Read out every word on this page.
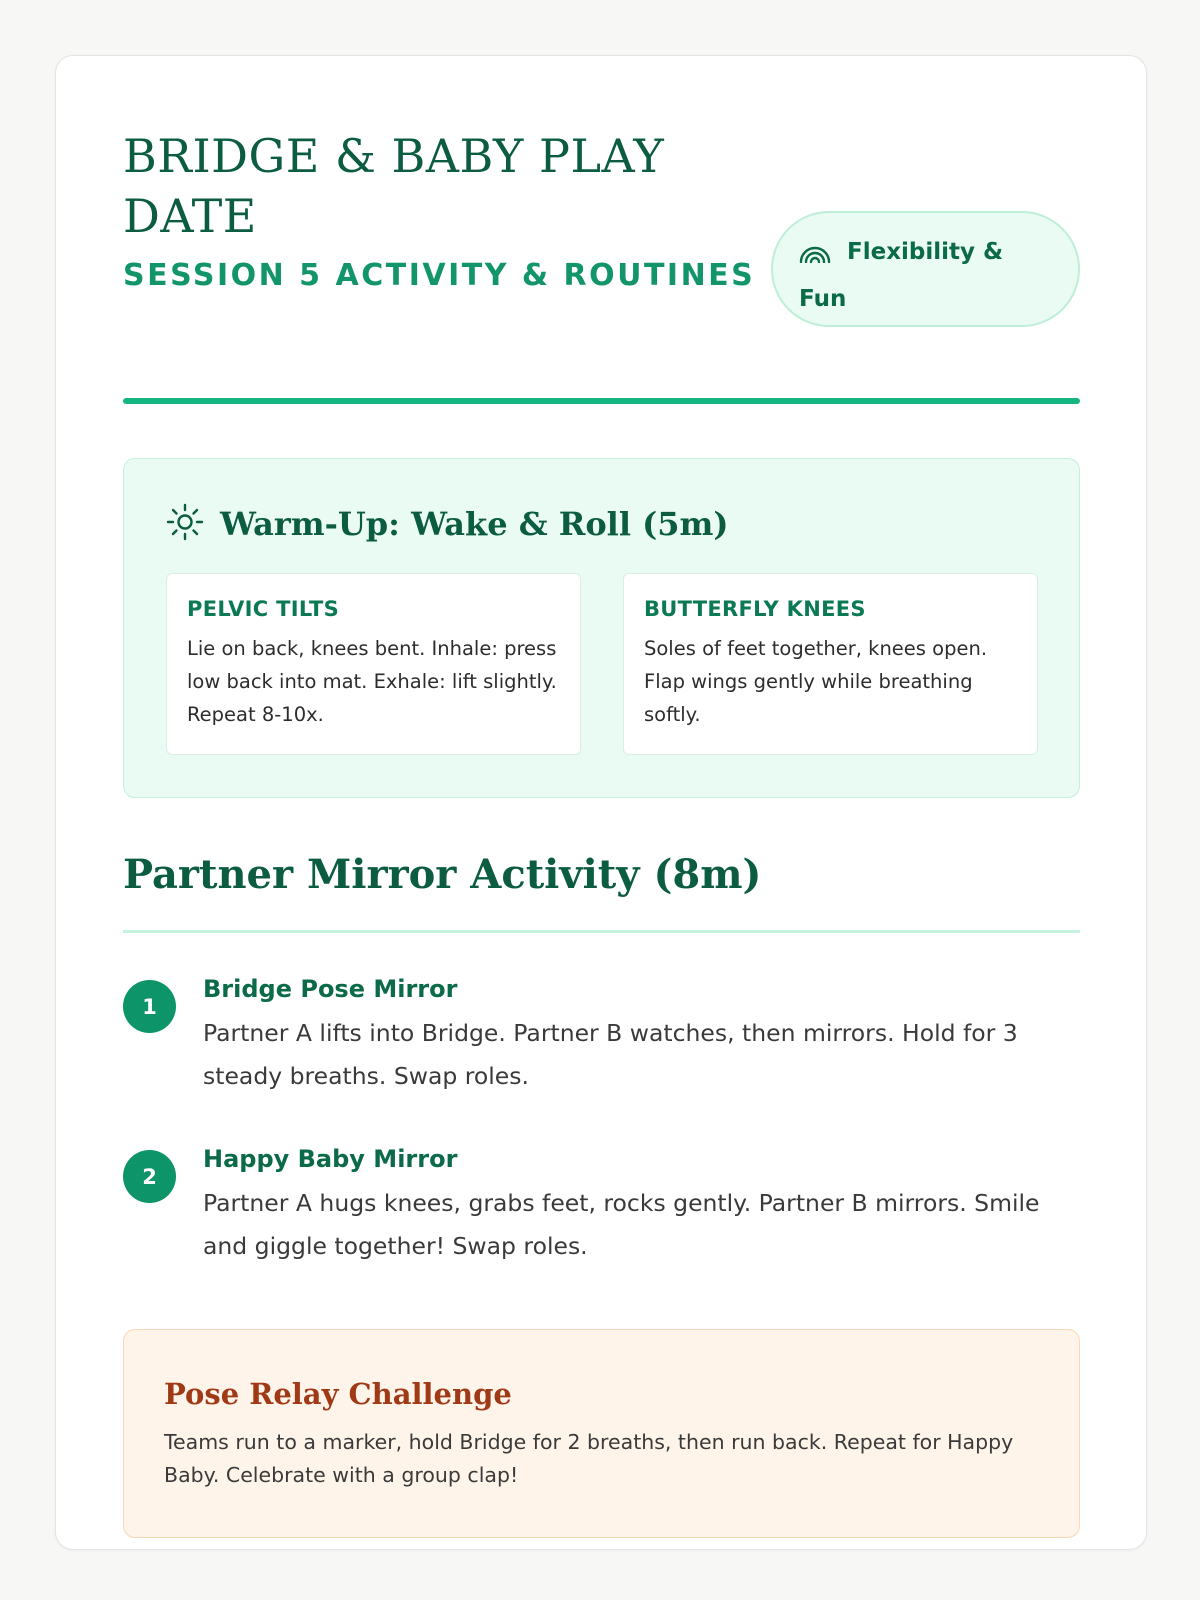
BRIDGE & BABY PLAY DATE
SESSION 5 ACTIVITY & ROUTINES
Flexibility & Fun
Warm-Up: Wake & Roll (5m)
PELVIC TILTS
Lie on back, knees bent. Inhale: press low back into mat. Exhale: lift slightly. Repeat 8-10x.
BUTTERFLY KNEES
Soles of feet together, knees open. Flap wings gently while breathing softly.
Partner Mirror Activity (8m)
1
Bridge Pose Mirror
Partner A lifts into Bridge. Partner B watches, then mirrors. Hold for 3 steady breaths. Swap roles.
2
Happy Baby Mirror
Partner A hugs knees, grabs feet, rocks gently. Partner B mirrors. Smile and giggle together! Swap roles.
Pose Relay Challenge
Teams run to a marker, hold Bridge for 2 breaths, then run back. Repeat for Happy Baby. Celebrate with a group clap!
